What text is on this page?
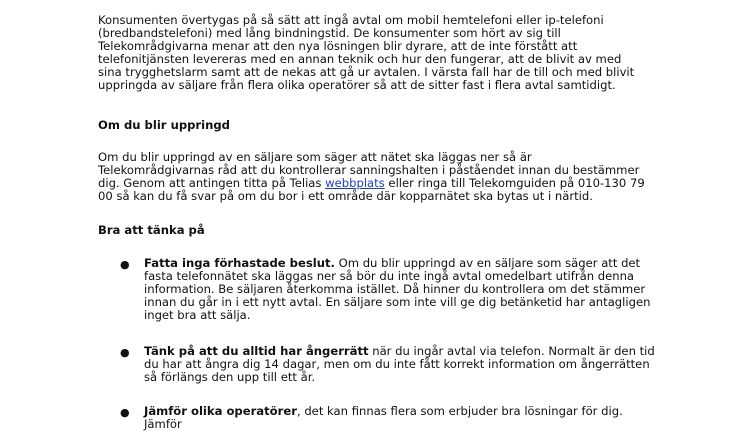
Konsumenten övertygas på så sätt att ingå avtal om mobil hemtelefoni eller ip-telefoni (bredbandstelefoni) med lång bindningstid. De konsumenter som hört av sig till Telekområdgivarna menar att den nya lösningen blir dyrare, att de inte förstått att telefonitjänsten levereras med en annan teknik och hur den fungerar, att de blivit av med sina trygghetslarm samt att de nekas att gå ur avtalen. I värsta fall har de till och med blivit uppringda av säljare från flera olika operatörer så att de sitter fast i flera avtal samtidigt.

Om du blir uppringd

Om du blir uppringd av en säljare som säger att nätet ska läggas ner så är Telekområdgivarnas råd att du kontrollerar sanningshalten i påståendet innan du bestämmer dig. Genom att antingen titta på Telias webbplats eller ringa till Telekomguiden på 010-130 79 00 så kan du få svar på om du bor i ett område där kopparnätet ska bytas ut i närtid.

Bra att tänka på
● Fatta inga förhastade beslut. Om du blir uppringd av en säljare som säger att det fasta telefonnätet ska läggas ner så bör du inte ingå avtal omedelbart utifrån denna information. Be säljaren återkomma istället. Då hinner du kontrollera om det stämmer innan du går in i ett nytt avtal. En säljare som inte vill ge dig betänketid har antagligen inget bra att sälja.

● Tänk på att du alltid har ångerrätt när du ingår avtal via telefon. Normalt är den tid du har att ångra dig 14 dagar, men om du inte fått korrekt information om ångerrätten så förlängs den upp till ett år.

● Jämför olika operatörer, det kan finnas flera som erbjuder bra lösningar för dig. Jämför
